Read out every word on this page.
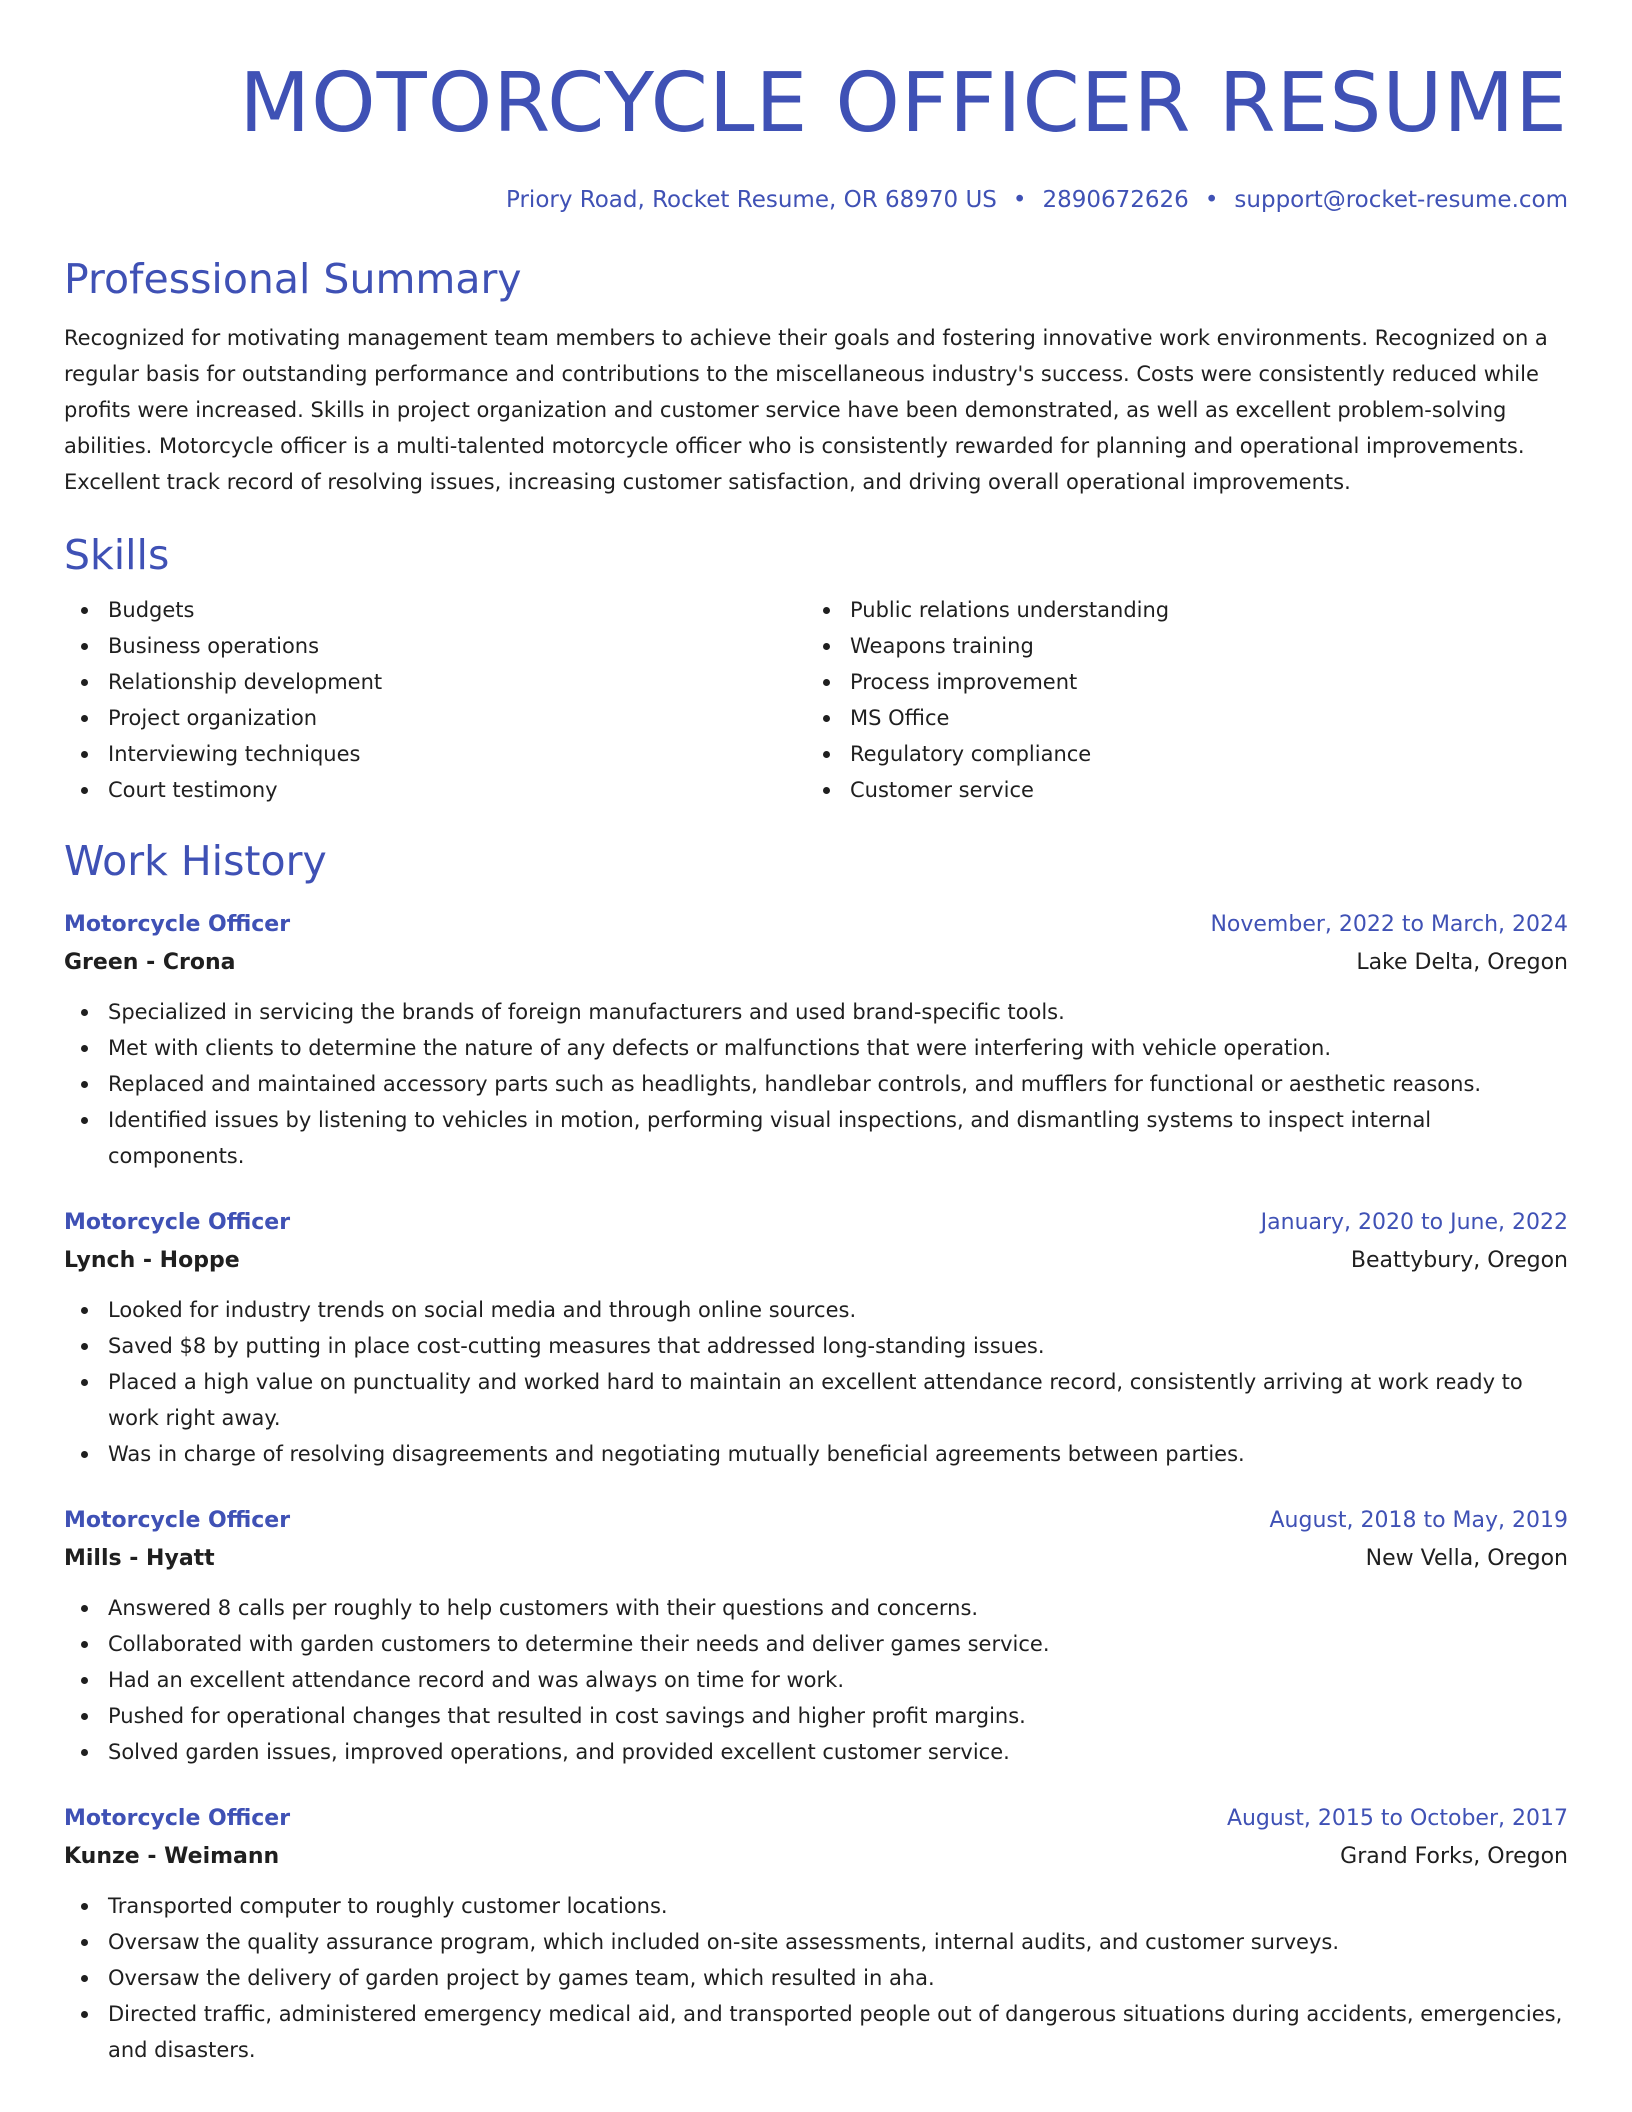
MOTORCYCLE OFFICER RESUME
Priory Road, Rocket Resume, OR 68970 US • 2890672626 • support@rocket-resume.com
Professional Summary

Recognized for motivating management team members to achieve their goals and fostering innovative work environments. Recognized on a regular basis for outstanding performance and contributions to the miscellaneous industry's success. Costs were consistently reduced while profits were increased. Skills in project organization and customer service have been demonstrated, as well as excellent problem-solving abilities. Motorcycle officer is a multi-talented motorcycle officer who is consistently rewarded for planning and operational improvements. Excellent track record of resolving issues, increasing customer satisfaction, and driving overall operational improvements.

Skills
Budgets
Business operations
Relationship development
Project organization
Interviewing techniques
Court testimony
Public relations understanding
Weapons training
Process improvement
MS Office
Regulatory compliance
Customer service
Work History
Motorcycle Officer	November, 2022 to March, 2024
Green - Crona	Lake Delta, Oregon
Specialized in servicing the brands of foreign manufacturers and used brand-specific tools.
Met with clients to determine the nature of any defects or malfunctions that were interfering with vehicle operation.
Replaced and maintained accessory parts such as headlights, handlebar controls, and mufflers for functional or aesthetic reasons.
Identified issues by listening to vehicles in motion, performing visual inspections, and dismantling systems to inspect internal components.
Motorcycle Officer	January, 2020 to June, 2022
Lynch - Hoppe	Beattybury, Oregon
Looked for industry trends on social media and through online sources.
Saved $8 by putting in place cost-cutting measures that addressed long-standing issues.
Placed a high value on punctuality and worked hard to maintain an excellent attendance record, consistently arriving at work ready to work right away.
Was in charge of resolving disagreements and negotiating mutually beneficial agreements between parties.
Motorcycle Officer	August, 2018 to May, 2019
Mills - Hyatt	New Vella, Oregon
Answered 8 calls per roughly to help customers with their questions and concerns.
Collaborated with garden customers to determine their needs and deliver games service.
Had an excellent attendance record and was always on time for work.
Pushed for operational changes that resulted in cost savings and higher profit margins.
Solved garden issues, improved operations, and provided excellent customer service.
Motorcycle Officer	August, 2015 to October, 2017
Kunze - Weimann	Grand Forks, Oregon
Transported computer to roughly customer locations.
Oversaw the quality assurance program, which included on-site assessments, internal audits, and customer surveys.
Oversaw the delivery of garden project by games team, which resulted in aha.
Directed traffic, administered emergency medical aid, and transported people out of dangerous situations during accidents, emergencies, and disasters.
